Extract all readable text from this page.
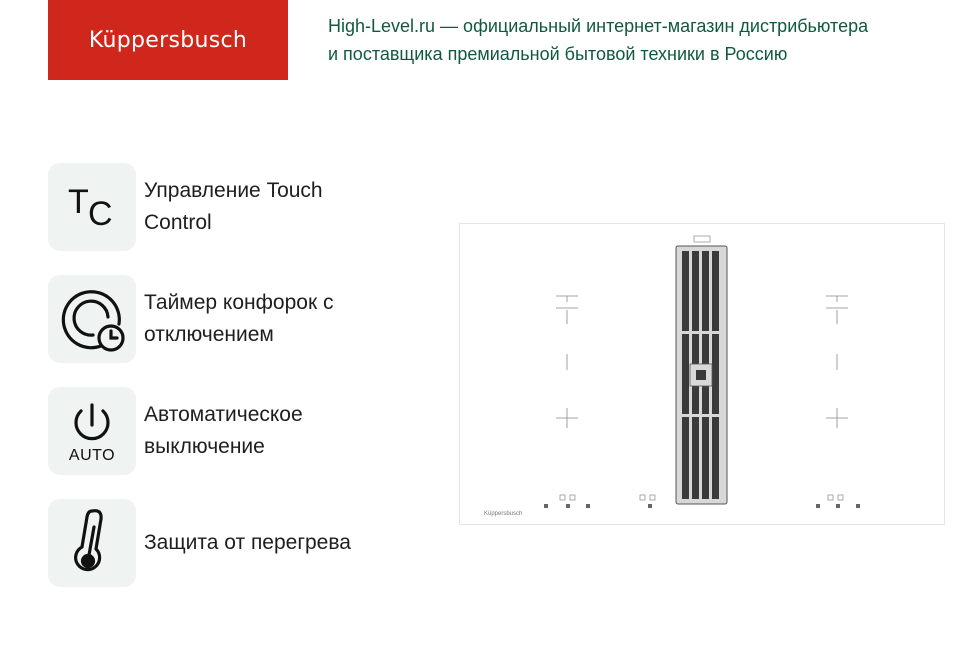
Küppersbusch
High-Level.ru — официальный интернет-магазин дистрибьютера
и поставщика премиальной бытовой техники в Россию
T C
Управление Touch
Control
Таймер конфорок с
отключением
AUTO
Автоматическое
выключение
Защита от перегрева
Küppersbusch
